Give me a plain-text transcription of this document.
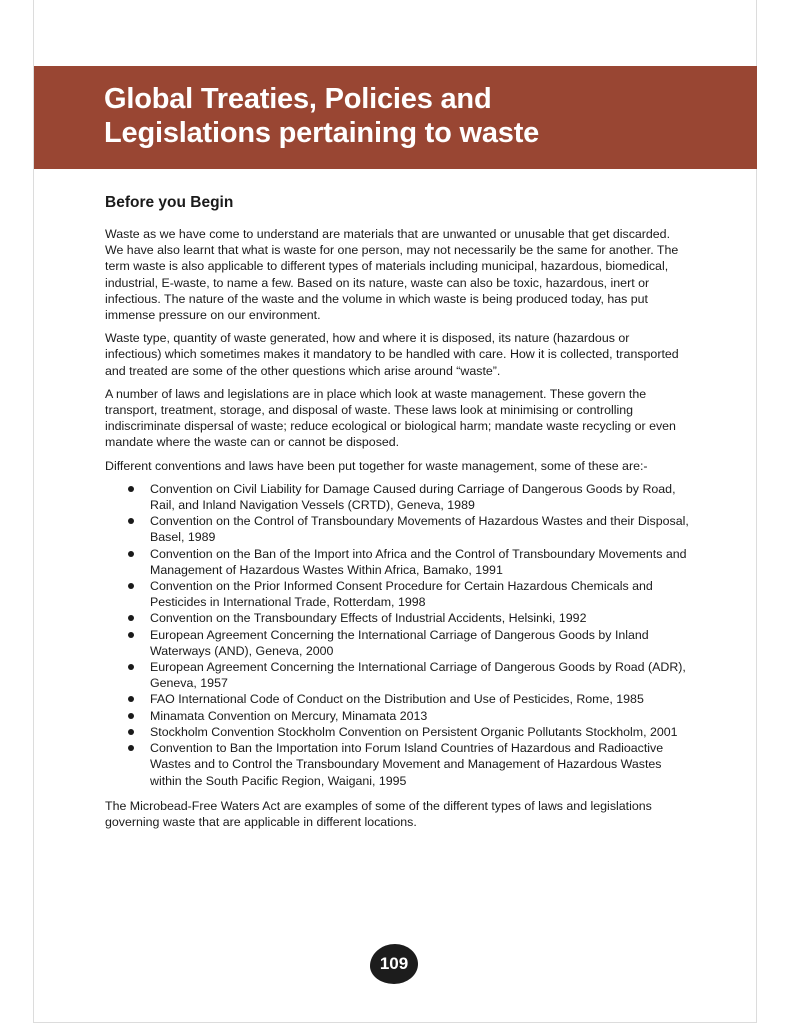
Global Treaties, Policies and
Legislations pertaining to waste
Before you Begin

Waste as we have come to understand are materials that are unwanted or unusable that get discarded. We have also learnt that what is waste for one person, may not necessarily be the same for another. The term waste is also applicable to different types of materials including municipal, hazardous, biomedical, industrial, E-waste, to name a few. Based on its nature, waste can also be toxic, hazardous, inert or infectious. The nature of the waste and the volume in which waste is being produced today, has put immense pressure on our environment.

Waste type, quantity of waste generated, how and where it is disposed, its nature (hazardous or infectious) which sometimes makes it mandatory to be handled with care. How it is collected, transported and treated are some of the other questions which arise around “waste”.

A number of laws and legislations are in place which look at waste management. These govern the transport, treatment, storage, and disposal of waste. These laws look at minimising or controlling indiscriminate dispersal of waste; reduce ecological or biological harm; mandate waste recycling or even mandate where the waste can or cannot be disposed.

Different conventions and laws have been put together for waste management, some of these are:-

Convention on Civil Liability for Damage Caused during Carriage of Dangerous Goods by Road, Rail, and Inland Navigation Vessels (CRTD), Geneva, 1989
Convention on the Control of Transboundary Movements of Hazardous Wastes and their Disposal, Basel, 1989
Convention on the Ban of the Import into Africa and the Control of Transboundary Movements and Management of Hazardous Wastes Within Africa, Bamako, 1991
Convention on the Prior Informed Consent Procedure for Certain Hazardous Chemicals and Pesticides in International Trade, Rotterdam, 1998
Convention on the Transboundary Effects of Industrial Accidents, Helsinki, 1992
European Agreement Concerning the International Carriage of Dangerous Goods by Inland Waterways (AND), Geneva, 2000
European Agreement Concerning the International Carriage of Dangerous Goods by Road (ADR), Geneva, 1957
FAO International Code of Conduct on the Distribution and Use of Pesticides, Rome, 1985
Minamata Convention on Mercury, Minamata 2013
Stockholm Convention Stockholm Convention on Persistent Organic Pollutants Stockholm, 2001
Convention to Ban the Importation into Forum Island Countries of Hazardous and Radioactive Wastes and to Control the Transboundary Movement and Management of Hazardous Wastes within the South Pacific Region, Waigani, 1995

The Microbead-Free Waters Act are examples of some of the different types of laws and legislations governing waste that are applicable in different locations.

109
